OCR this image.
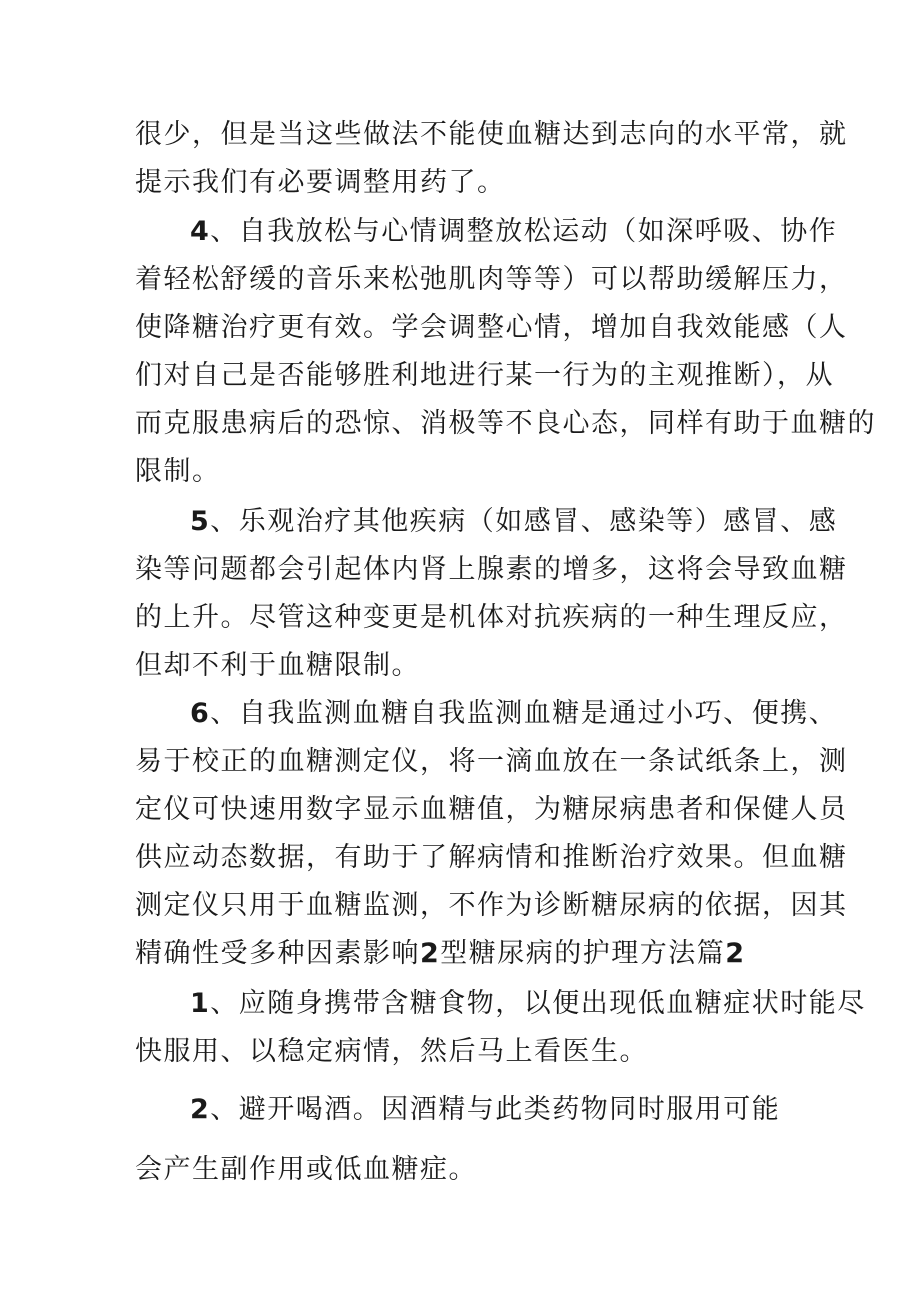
很少，但是当这些做法不能使血糖达到志向的水平常，就
提示我们有必要调整用药了。
4、自我放松与心情调整放松运动（如深呼吸、协作
着轻松舒缓的音乐来松弛肌肉等等）可以帮助缓解压力，
使降糖治疗更有效。学会调整心情，增加自我效能感（人
们对自己是否能够胜利地进行某一行为的主观推断），从
而克服患病后的恐惊、消极等不良心态，同样有助于血糖的
限制。
5、乐观治疗其他疾病（如感冒、感染等）感冒、感
染等问题都会引起体内肾上腺素的增多，这将会导致血糖
的上升。尽管这种变更是机体对抗疾病的一种生理反应，
但却不利于血糖限制。
6、自我监测血糖自我监测血糖是通过小巧、便携、
易于校正的血糖测定仪，将一滴血放在一条试纸条上，测
定仪可快速用数字显示血糖值，为糖尿病患者和保健人员
供应动态数据，有助于了解病情和推断治疗效果。但血糖
测定仪只用于血糖监测，不作为诊断糖尿病的依据，因其
精确性受多种因素影响2型糖尿病的护理方法篇2
1、应随身携带含糖食物，以便出现低血糖症状时能尽
快服用、以稳定病情，然后马上看医生。
2、避开喝酒。因酒精与此类药物同时服用可能
会产生副作用或低血糖症。
